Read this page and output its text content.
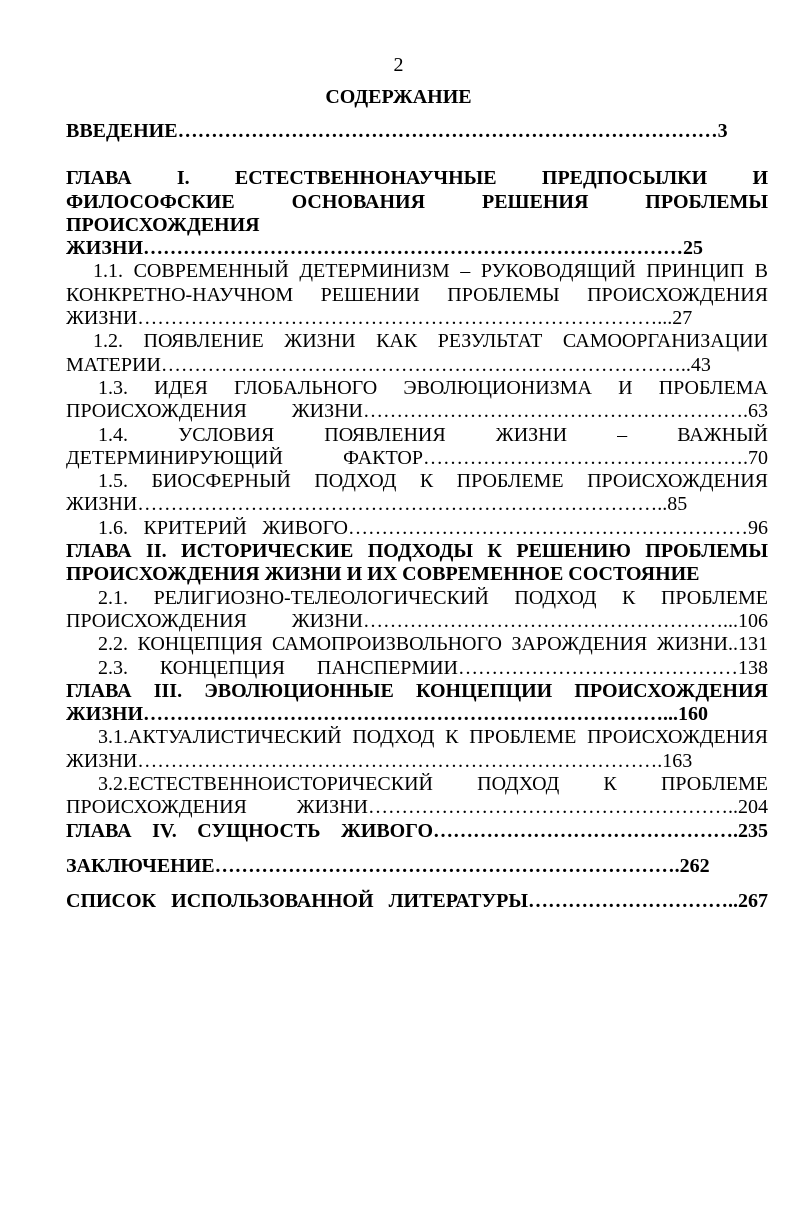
2
СОДЕРЖАНИЕ
ВВЕДЕНИЕ………………………………………………………………………3
ГЛАВА I. ЕСТЕСТВЕННОНАУЧНЫЕ ПРЕДПОСЫЛКИ И ФИЛОСОФСКИЕ ОСНОВАНИЯ РЕШЕНИЯ ПРОБЛЕМЫ ПРОИСХОЖДЕНИЯ
ЖИЗНИ………………………………………………………………………25
1.1. СОВРЕМЕННЫЙ ДЕТЕРМИНИЗМ – РУКОВОДЯЩИЙ ПРИНЦИП В КОНКРЕТНО-НАУЧНОМ РЕШЕНИИ ПРОБЛЕМЫ ПРОИСХОЖДЕНИЯ
ЖИЗНИ……………………………………………………………………...27
1.2. ПОЯВЛЕНИЕ ЖИЗНИ КАК РЕЗУЛЬТАТ САМООРГАНИЗАЦИИ
МАТЕРИИ……………………………………………………………………..43
1.3. ИДЕЯ ГЛОБАЛЬНОГО ЭВОЛЮЦИОНИЗМА И ПРОБЛЕМА
ПРОИСХОЖДЕНИЯ ЖИЗНИ………………………………………………….63
1.4. УСЛОВИЯ ПОЯВЛЕНИЯ ЖИЗНИ – ВАЖНЫЙ
ДЕТЕРМИНИРУЮЩИЙ ФАКТОР………………………………………….70
1.5. БИОСФЕРНЫЙ ПОДХОД К ПРОБЛЕМЕ ПРОИСХОЖДЕНИЯ
ЖИЗНИ……………………………………………………………………..85
1.6. КРИТЕРИЙ ЖИВОГО……………………………………………………96
ГЛАВА II. ИСТОРИЧЕСКИЕ ПОДХОДЫ К РЕШЕНИЮ ПРОБЛЕМЫ
ПРОИСХОЖДЕНИЯ ЖИЗНИ И ИХ СОВРЕМЕННОЕ СОСТОЯНИЕ
2.1. РЕЛИГИОЗНО-ТЕЛЕОЛОГИЧЕСКИЙ ПОДХОД К ПРОБЛЕМЕ
ПРОИСХОЖДЕНИЯ ЖИЗНИ………………………………………………...106
2.2. КОНЦЕПЦИЯ САМОПРОИЗВОЛЬНОГО ЗАРОЖДЕНИЯ ЖИЗНИ..131
2.3. КОНЦЕПЦИЯ ПАНСПЕРМИИ……………………………………138
ГЛАВА III. ЭВОЛЮЦИОННЫЕ КОНЦЕПЦИИ ПРОИСХОЖДЕНИЯ
ЖИЗНИ……………………………………………………………………...160
3.1.АКТУАЛИСТИЧЕСКИЙ ПОДХОД К ПРОБЛЕМЕ ПРОИСХОЖДЕНИЯ
ЖИЗНИ…………………………………………………………………….163
3.2.ЕСТЕСТВЕННОИСТОРИЧЕСКИЙ ПОДХОД К ПРОБЛЕМЕ
ПРОИСХОЖДЕНИЯ ЖИЗНИ………………………………………………..204
ГЛАВА IV. СУЩНОСТЬ ЖИВОГО……………………………………….235
ЗАКЛЮЧЕНИЕ…………………………………………………………….262
СПИСОК ИСПОЛЬЗОВАННОЙ ЛИТЕРАТУРЫ…………………………..267
